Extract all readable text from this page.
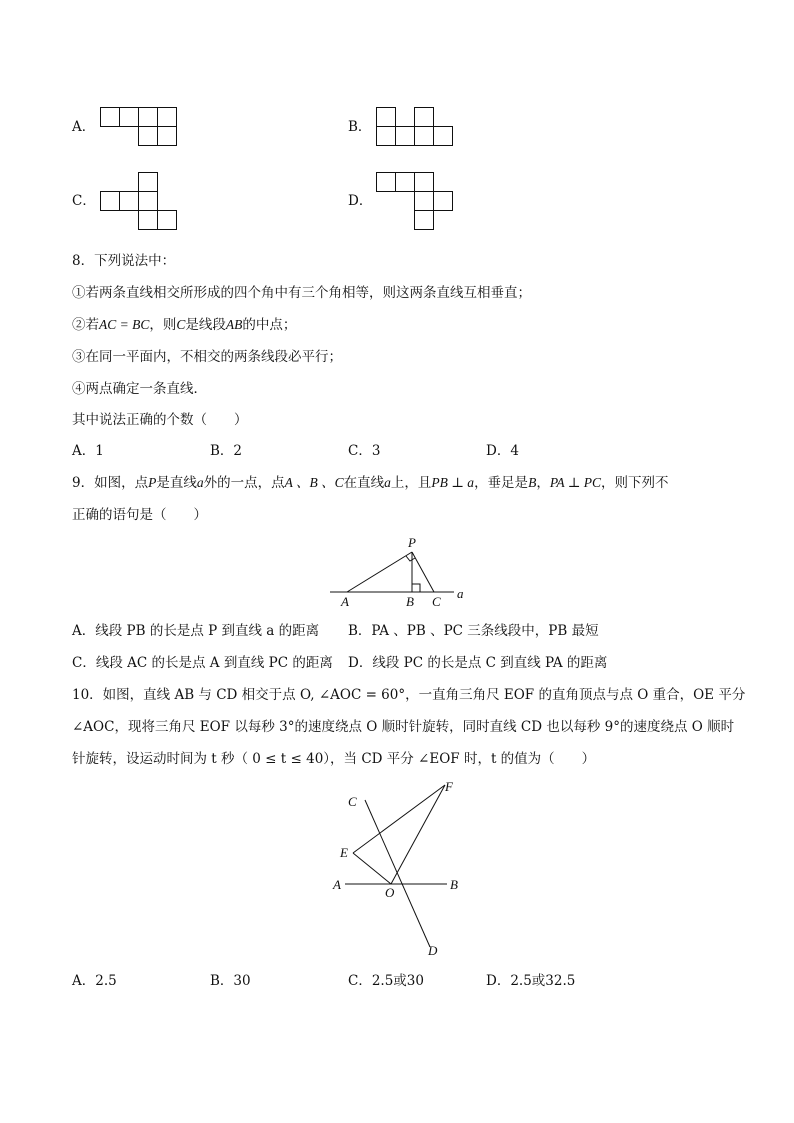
A．	B．
C．	D．
8．下列说法中：
①若两条直线相交所形成的四个角中有三个角相等，则这两条直线互相垂直；
②若AC = BC，则C是线段AB的中点；
③在同一平面内，不相交的两条线段必平行；
④两点确定一条直线．
其中说法正确的个数（　　）
A．1	B．2	C．3	D．4
9．如图，点P是直线a外的一点，点A 、B 、C在直线a上，且PB ⊥ a，垂足是B，PA ⊥ PC，则下列不
正确的语句是（　　）
P
A	B C
a
A．线段 PB 的长是点 P 到直线 a 的距离 B．PA 、PB 、PC 三条线段中，PB 最短
C．线段 AC 的长是点 A 到直线 PC 的距离 D．线段 PC 的长是点 C 到直线 PA 的距离
10．如图，直线 AB 与 CD 相交于点 O, ∠AOC = 60°，一直角三角尺 EOF 的直角顶点与点 O 重合，OE 平分
∠AOC，现将三角尺 EOF 以每秒 3°的速度绕点 O 顺时针旋转，同时直线 CD 也以每秒 9°的速度绕点 O 顺时
针旋转，设运动时间为 t 秒（ 0 ≤ t ≤ 40），当 CD 平分 ∠EOF 时，t 的值为（　　）
C
F
E
A
O
B
D
A．2.5	B．30	C．2.5或30	D．2.5或32.5
